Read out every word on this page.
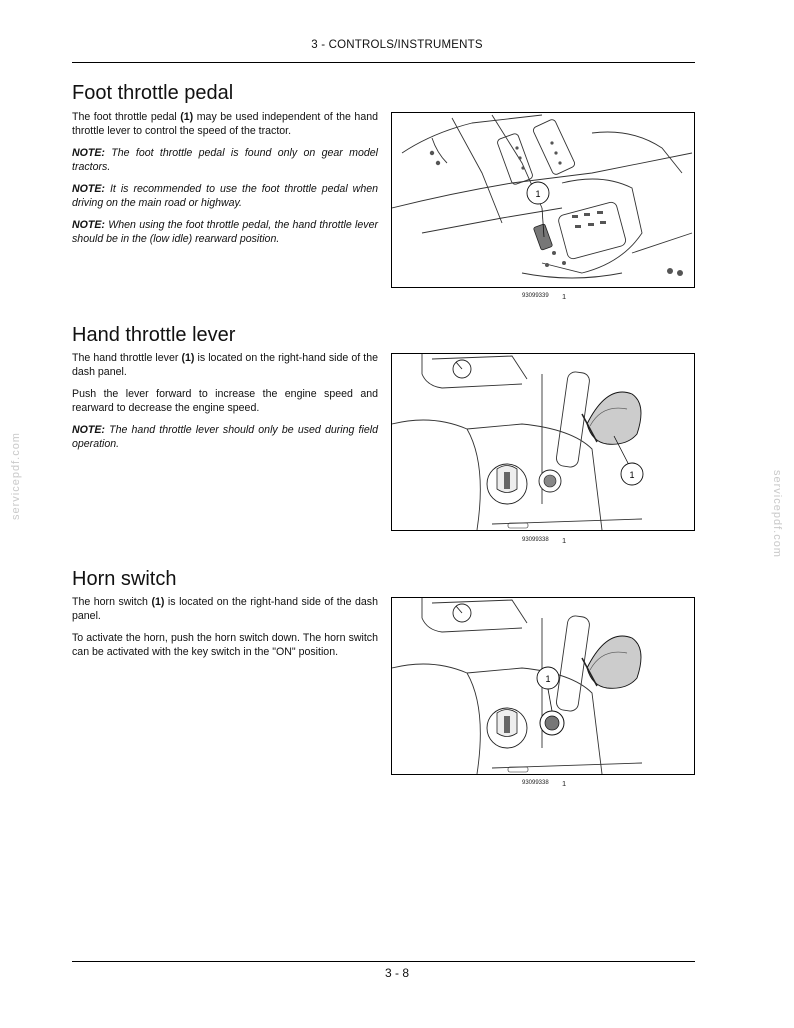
3 - CONTROLS/INSTRUMENTS
servicepdf.com	servicepdf.com
Foot throttle pedal

The foot throttle pedal (1) may be used independent of the hand throttle lever to control the speed of the tractor.

NOTE: The foot throttle pedal is found only on gear model tractors.

NOTE: It is recommended to use the foot throttle pedal when driving on the main road or highway.

NOTE: When using the foot throttle pedal, the hand throttle lever should be in the (low idle) rearward position.

1
93099339 1
Hand throttle lever

The hand throttle lever (1) is located on the right-hand side of the dash panel.

Push the lever forward to increase the engine speed and rearward to decrease the engine speed.

NOTE: The hand throttle lever should only be used during field operation.

1
93099338 1
Horn switch

The horn switch (1) is located on the right-hand side of the dash panel.

To activate the horn, push the horn switch down. The horn switch can be activated with the key switch in the "ON" position.

1
93099338 1
3 - 8
